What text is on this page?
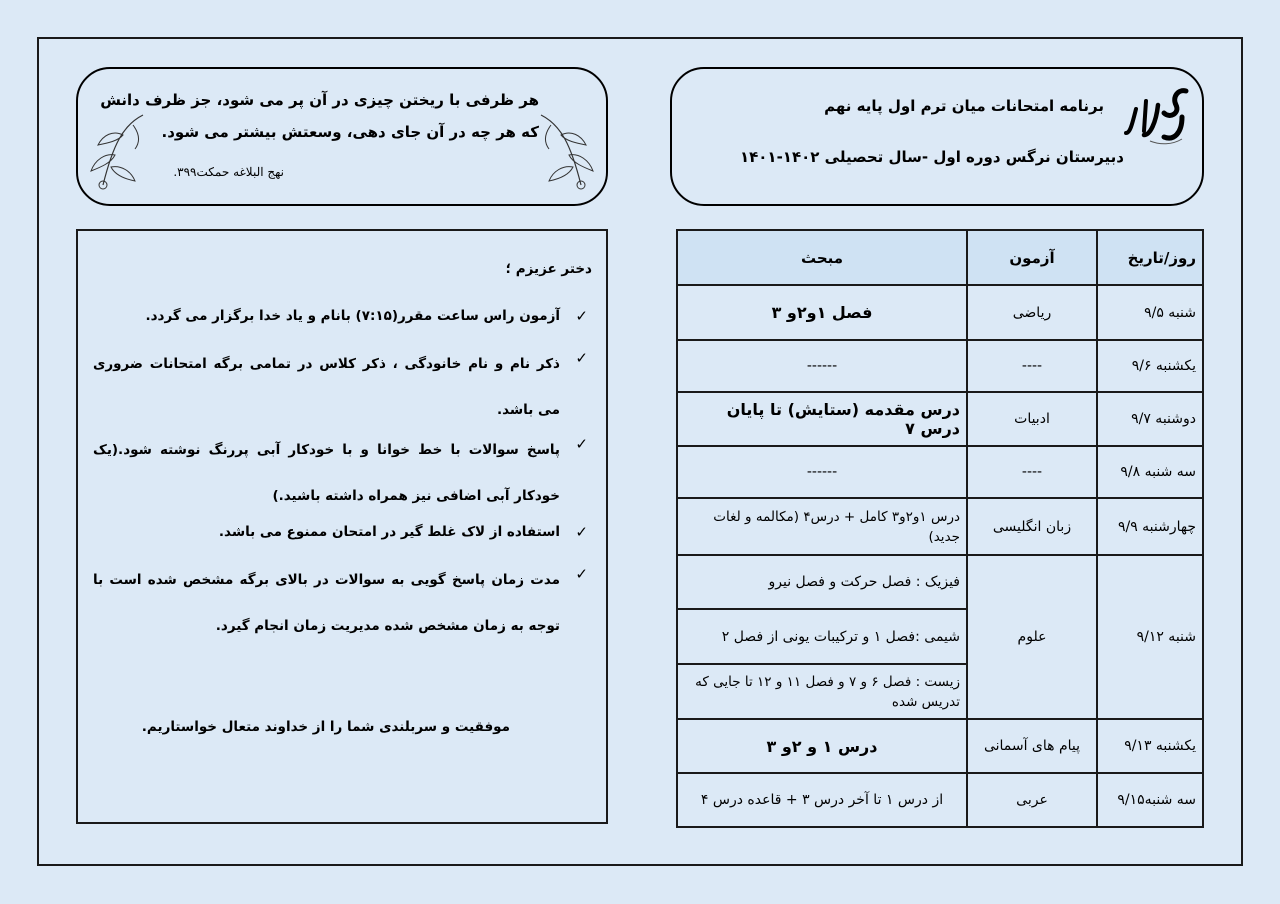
برنامه امتحانات میان ترم اول پایه نهم
دبیرستان نرگس دوره اول -سال تحصیلی ۱۴۰۲-۱۴۰۱
هر ظرفی با ریختن چیزی در آن پر می شود، جز ظرف دانش
که هر چه در آن جای دهی، وسعتش بیشتر می شود.
نهج البلاغه حمکت۳۹۹.
روز/تاریخ	آزمون	مبحث
شنبه ۹/۵	ریاضی	فصل ۱و۲و ۳
یکشنبه ۹/۶	----	------
دوشنبه ۹/۷	ادبیات	درس مقدمه (ستایش) تا پایان درس ۷
سه شنبه ۹/۸	----	------
چهارشنبه ۹/۹	زبان انگلیسی	درس ۱و۲و۳ کامل + درس۴ (مکالمه و لغات جدید)
شنبه ۹/۱۲	علوم	فیزیک : فصل حرکت و فصل نیرو
		شیمی :فصل ۱ و ترکیبات یونی از فصل ۲
		زیست : فصل ۶ و ۷ و فصل ۱۱ و ۱۲ تا جایی که تدریس شده
یکشنبه ۹/۱۳	پیام های آسمانی	درس ۱ و ۲و ۳
سه شنبه۹/۱۵	عربی	از درس ۱ تا آخر درس ۳ + قاعده درس ۴
دختر عزیزم ؛
✓
آزمون راس ساعت مقرر(۷:۱۵) بانام و یاد خدا برگزار می گردد.
✓
ذکر نام و نام خانودگی ، ذکر کلاس در تمامی برگه امتحانات ضروری می باشد.
✓
پاسخ سوالات با خط خوانا و با خودکار آبی پررنگ نوشته شود.(یک خودکار آبی اضافی نیز همراه داشته باشید.)
✓
استفاده از لاک غلط گیر در امتحان ممنوع می باشد.
✓
مدت زمان پاسخ گویی به سوالات در بالای برگه مشخص شده است با توجه به زمان مشخص شده مدیریت زمان انجام گیرد.
موفقیت و سربلندی شما را از خداوند متعال خواستاریم.
